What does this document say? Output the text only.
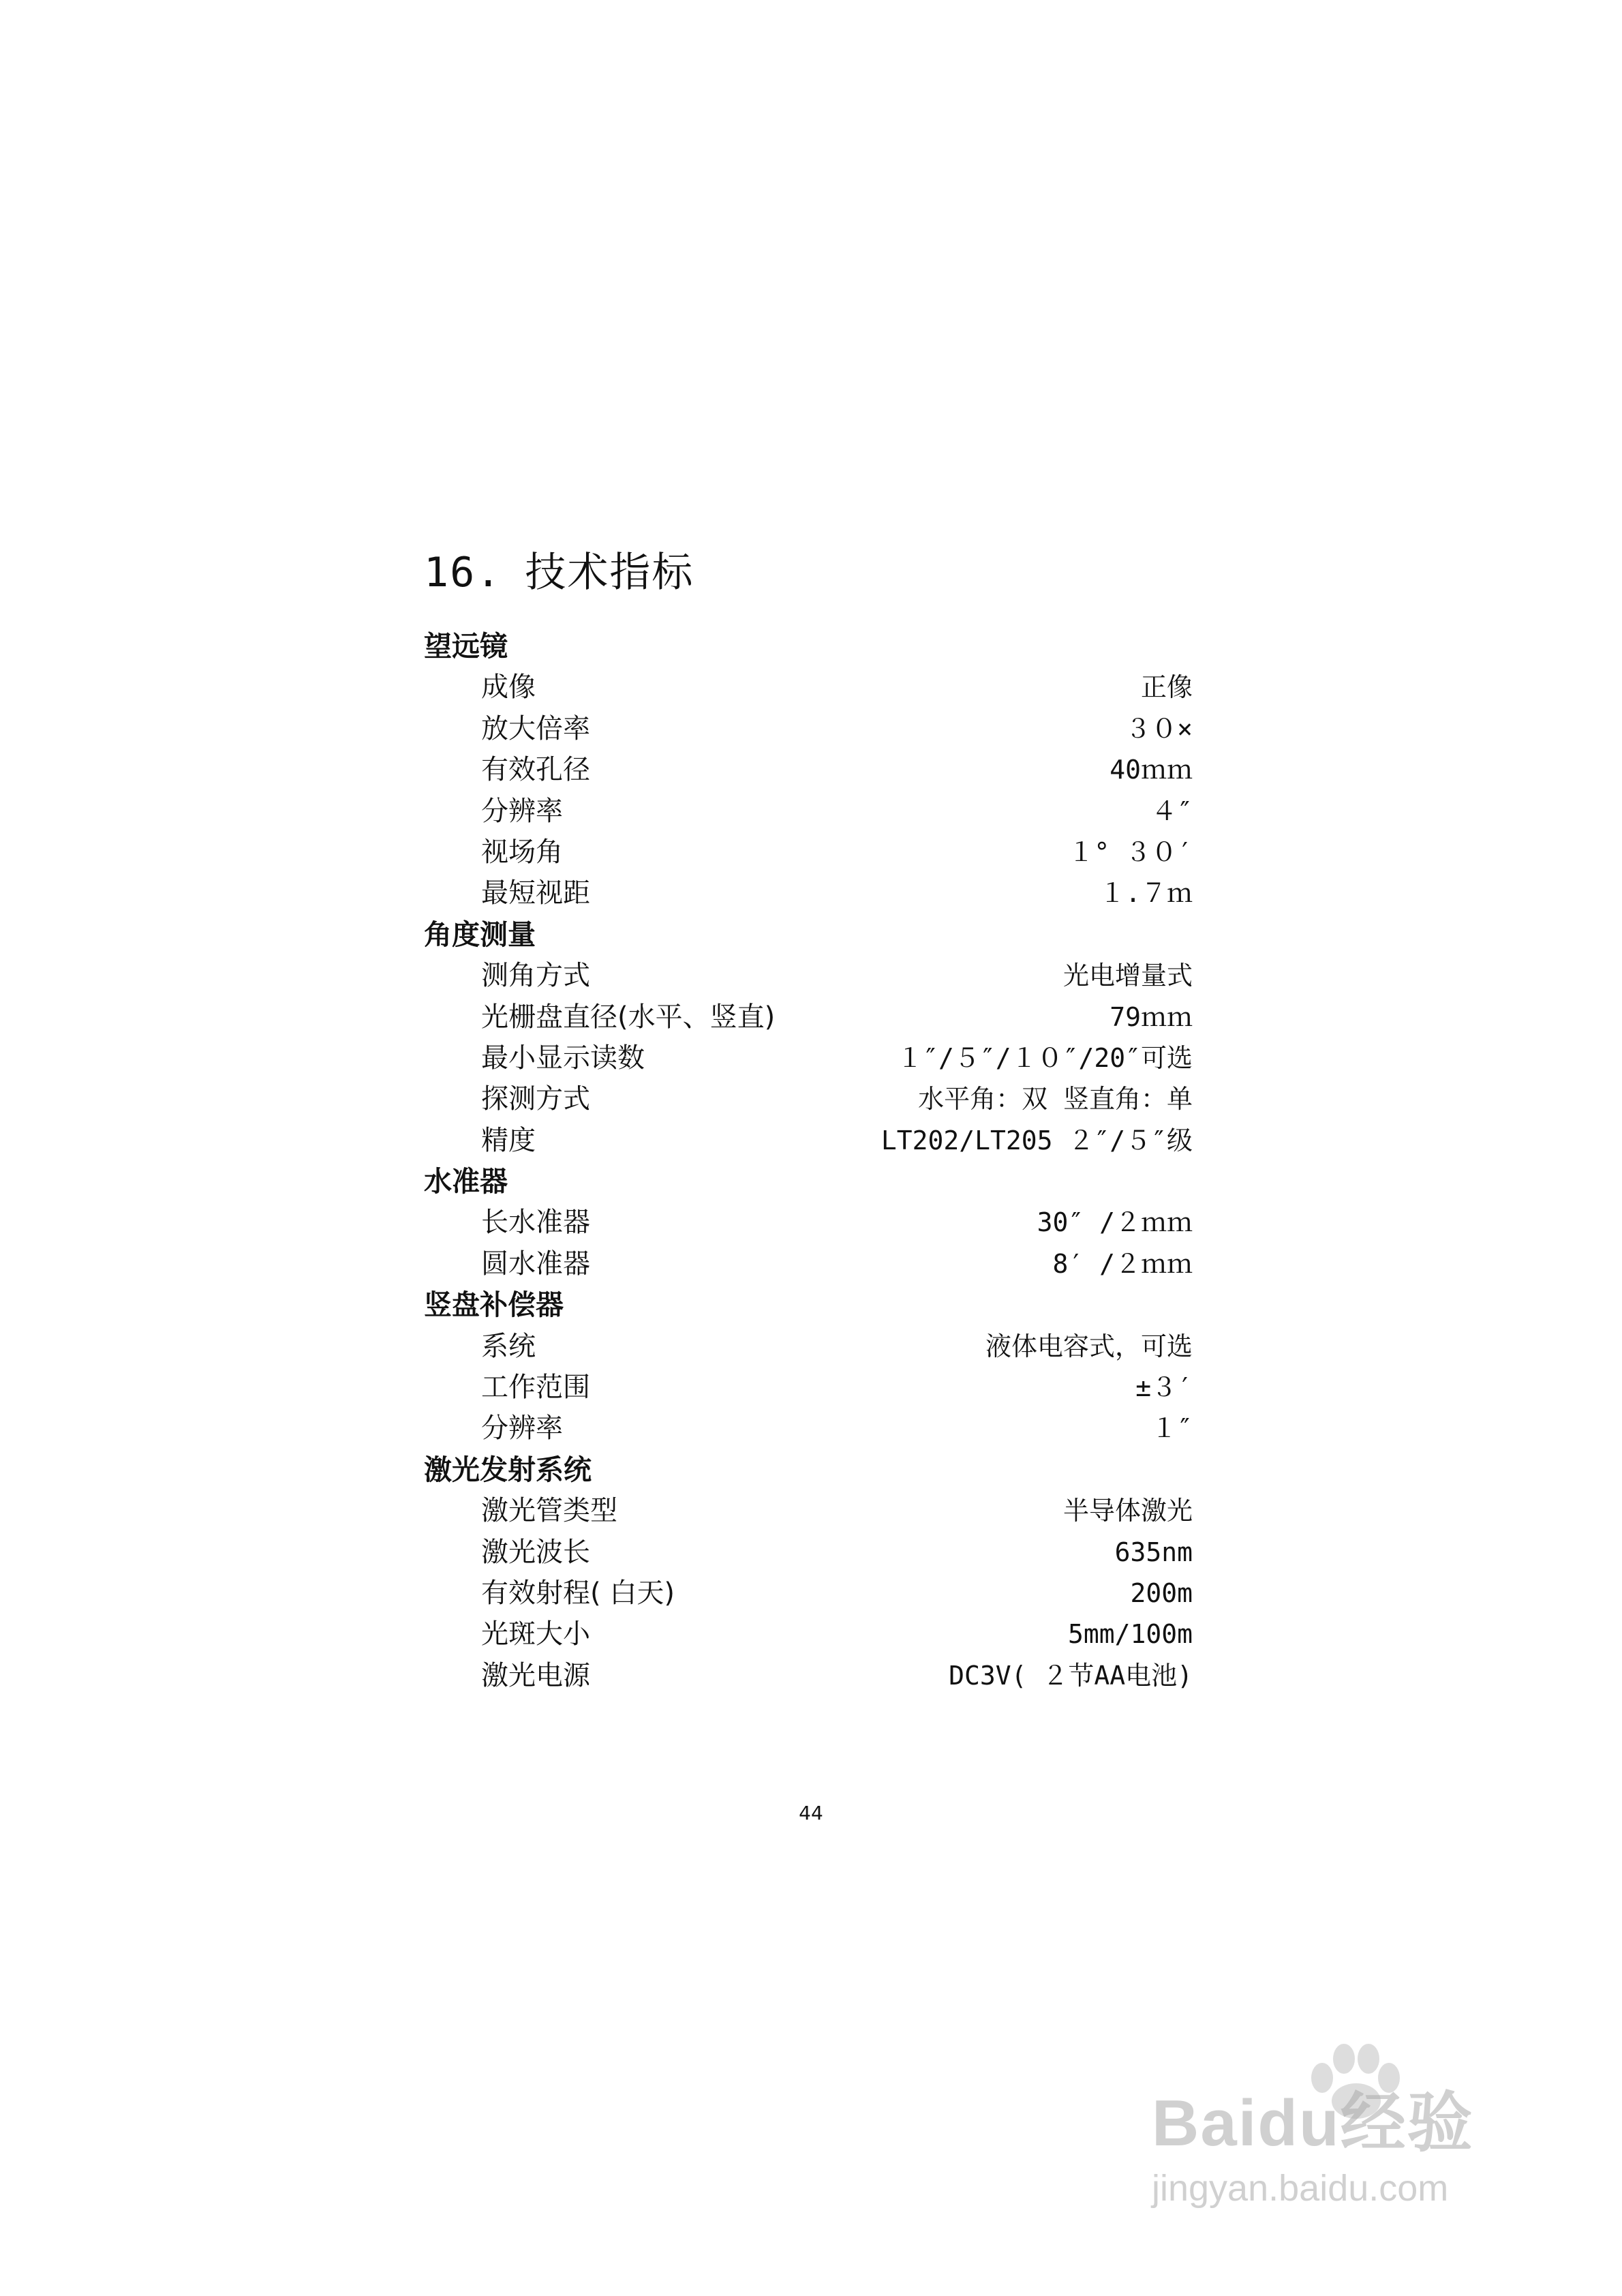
16. 技术指标
望远镜
成像	正像
放大倍率	３０×
有效孔径	40ｍｍ
分辨率	４″
视场角	１° ３０′
最短视距	１.７ｍ
角度测量
测角方式	光电增量式
光栅盘直径(水平、竖直)	79ｍｍ
最小显示读数	１″/５″/１０″/20″可选
探测方式	水平角：双 竖直角：单
精度	LT202/LT205 ２″/５″级
水准器
长水准器	30″ /２ｍｍ
圆水准器	8′ /２ｍｍ
竖盘补偿器
系统	液体电容式，可选
工作范围	±３′
分辨率	１″
激光发射系统
激光管类型	半导体激光
激光波长	635nm
有效射程( 白天)	200m
光斑大小	5mm/100m
激光电源	DC3V( ２节AA电池)
44
Baidu经验
jingyan.baidu.com
